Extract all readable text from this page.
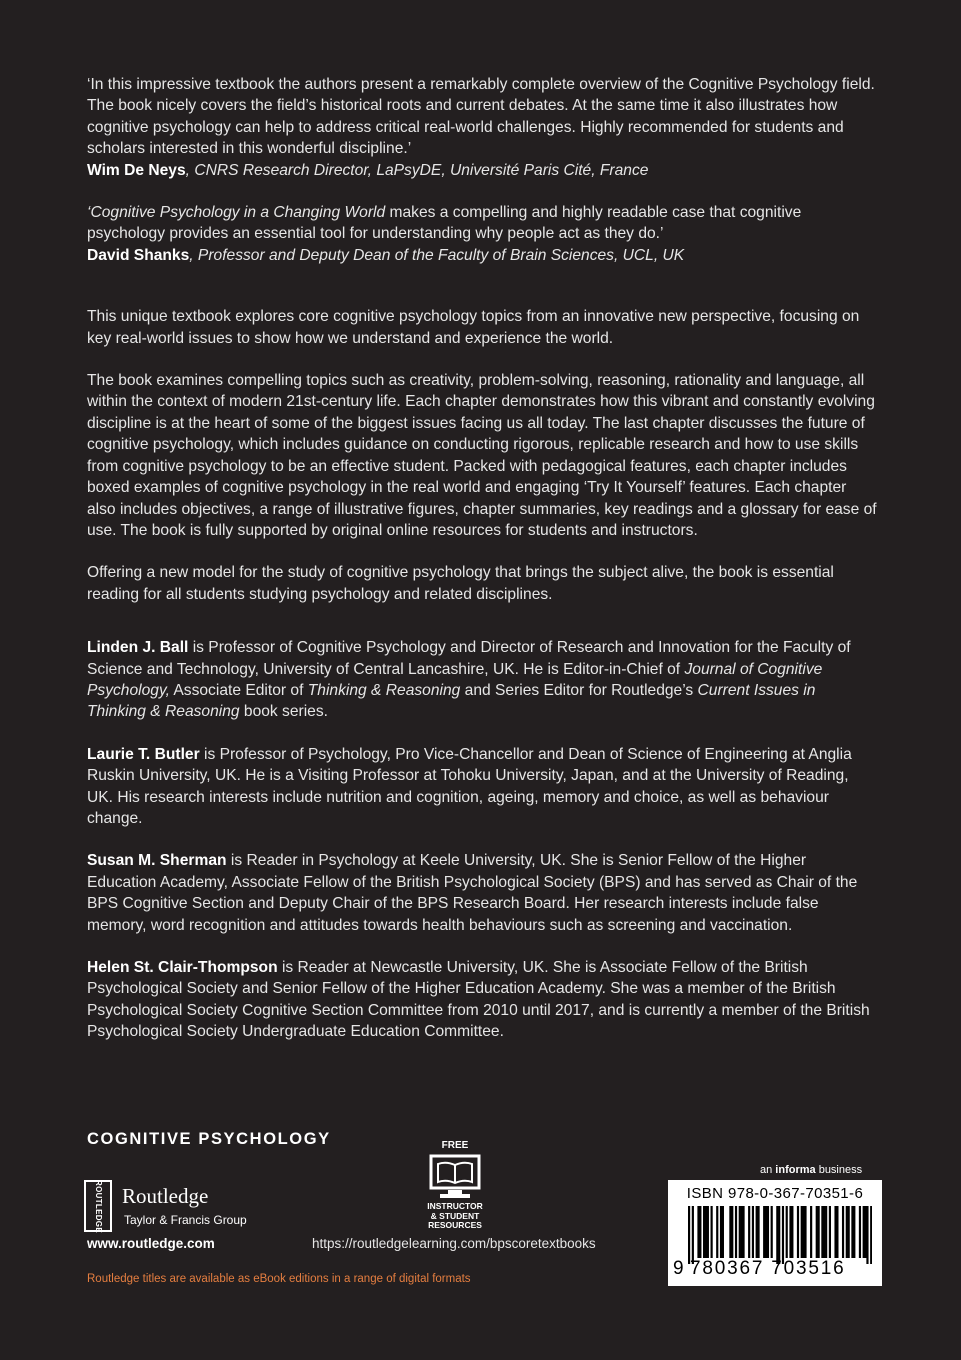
‘In this impressive textbook the authors present a remarkably complete overview of the Cognitive Psychology field. The book nicely covers the field’s historical roots and current debates. At the same time it also illustrates how cognitive psychology can help to address critical real-world challenges. Highly recommended for students and scholars interested in this wonderful discipline.’

Wim De Neys, CNRS Research Director, LaPsyDE, Université Paris Cité, France

‘Cognitive Psychology in a Changing World makes a compelling and highly readable case that cognitive psychology provides an essential tool for understanding why people act as they do.’

David Shanks, Professor and Deputy Dean of the Faculty of Brain Sciences, UCL, UK

This unique textbook explores core cognitive psychology topics from an innovative new perspective, focusing on key real-world issues to show how we understand and experience the world.

The book examines compelling topics such as creativity, problem-solving, reasoning, rationality and language, all within the context of modern 21st-century life. Each chapter demonstrates how this vibrant and constantly evolving discipline is at the heart of some of the biggest issues facing us all today. The last chapter discusses the future of cognitive psychology, which includes guidance on conducting rigorous, replicable research and how to use skills from cognitive psychology to be an effective student. Packed with pedagogical features, each chapter includes boxed examples of cognitive psychology in the real world and engaging ‘Try It Yourself’ features. Each chapter also includes objectives, a range of illustrative figures, chapter summaries, key readings and a glossary for ease of use. The book is fully supported by original online resources for students and instructors.

Offering a new model for the study of cognitive psychology that brings the subject alive, the book is essential reading for all students studying psychology and related disciplines.

Linden J. Ball is Professor of Cognitive Psychology and Director of Research and Innovation for the Faculty of Science and Technology, University of Central Lancashire, UK. He is Editor-in-Chief of Journal of Cognitive Psychology, Associate Editor of Thinking & Reasoning and Series Editor for Routledge’s Current Issues in Thinking & Reasoning book series.

Laurie T. Butler is Professor of Psychology, Pro Vice-Chancellor and Dean of Science of Engineering at Anglia Ruskin University, UK. He is a Visiting Professor at Tohoku University, Japan, and at the University of Reading, UK. His research interests include nutrition and cognition, ageing, memory and choice, as well as behaviour change.

Susan M. Sherman is Reader in Psychology at Keele University, UK. She is Senior Fellow of the Higher Education Academy, Associate Fellow of the British Psychological Society (BPS) and has served as Chair of the BPS Cognitive Section and Deputy Chair of the BPS Research Board. Her research interests include false memory, word recognition and attitudes towards health behaviours such as screening and vaccination.

Helen St. Clair-Thompson is Reader at Newcastle University, UK. She is Associate Fellow of the British Psychological Society and Senior Fellow of the Higher Education Academy. She was a member of the British Psychological Society Cognitive Section Committee from 2010 until 2017, and is currently a member of the British Psychological Society Undergraduate Education Committee.

COGNITIVE PSYCHOLOGY
ROUTLEDGE Routledge
Taylor & Francis Group
www.routledge.com
FREE
INSTRUCTOR
& STUDENT
RESOURCES
https://routledgelearning.com/bpscoretextbooks
an informa business
ISBN 978-0-367-70351-6
9 780367 703516
Routledge titles are available as eBook editions in a range of digital formats
